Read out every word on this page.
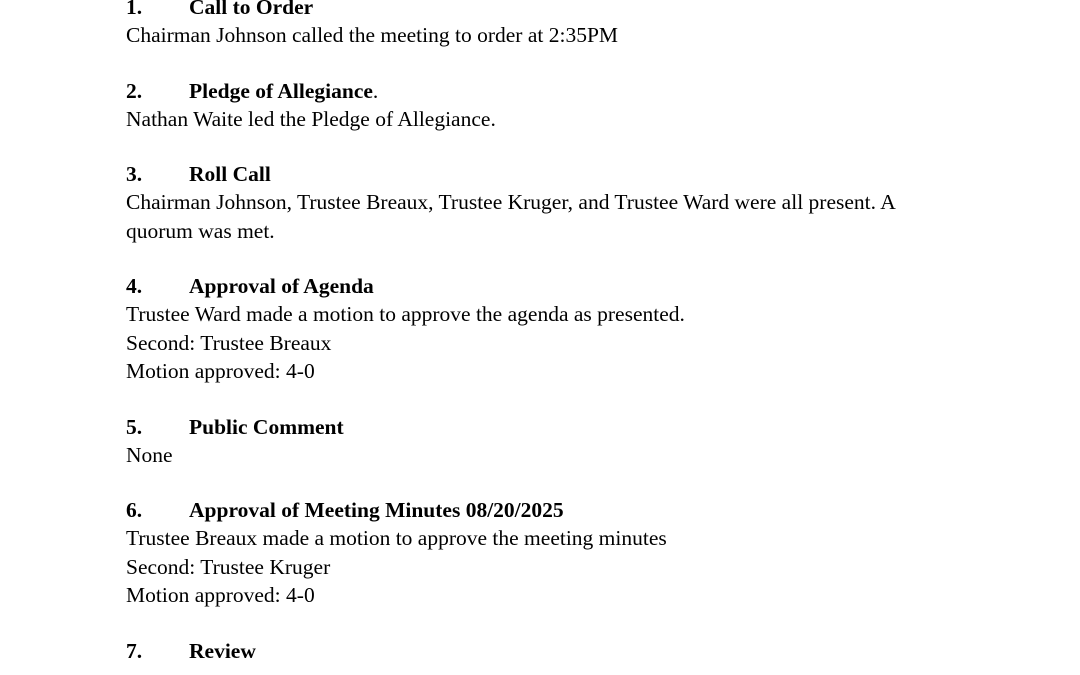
1. Call to Order
Chairman Johnson called the meeting to order at 2:35PM
2. Pledge of Allegiance.
Nathan Waite led the Pledge of Allegiance.
3. Roll Call
Chairman Johnson, Trustee Breaux, Trustee Kruger, and Trustee Ward were all present. A quorum was met.
4. Approval of Agenda
Trustee Ward made a motion to approve the agenda as presented.
Second: Trustee Breaux
Motion approved: 4-0
5. Public Comment
None
6. Approval of Meeting Minutes 08/20/2025
Trustee Breaux made a motion to approve the meeting minutes
Second: Trustee Kruger
Motion approved: 4-0
7. Review
